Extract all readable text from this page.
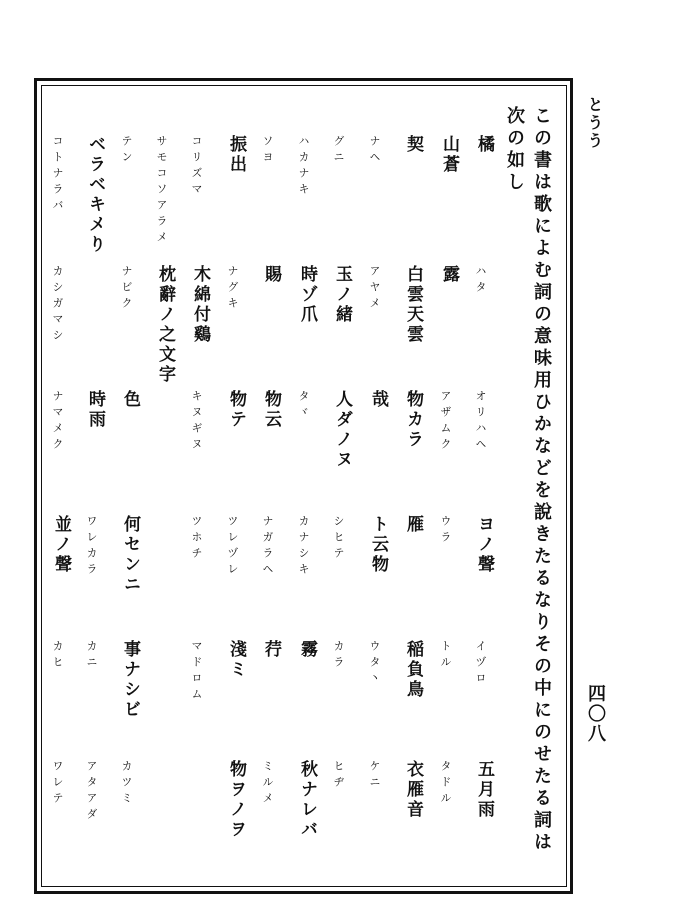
とうう
四〇八
この書は歌によむ詞の意味用ひかなどを說きたるなりその中にのせたる詞は
次の如し
橘
ハタ
オリハヘ
ヨノ聲
イヅロ
五月雨
山蒼
露
アザムク
ウラ
トル
タドル
契
白雲天雲
物カラ
雁
稲負鳥
衣雁音
ナヘ
アヤメ
哉
ト云物
ウタ丶
ケニ
グニ
玉ノ緒
人ダノヌ
シヒテ
カラ
ヒヂ
ハカナキ
時ゾ爪
タヾ
カナシキ
霧
秋ナレバ
ソヨ
賜
物云
ナガラヘ
荇
ミルメ
振出
ナグキ
物テ
ツレヅレ
淺ミ
物ヲノヲ
コリズマ
木綿付鷄
キヌギヌ
ツホチ
マドロム
サモコソアラメ
枕辭ノ之文字
テン
ナビク
色
何センニ
事ナシビ
カツミ
ベラベキメり
時雨
ワレカラ
カニ
アタアダ
コトナラバ
カシガマシ
ナマメク
並ノ聲
カヒ
ワレテ
